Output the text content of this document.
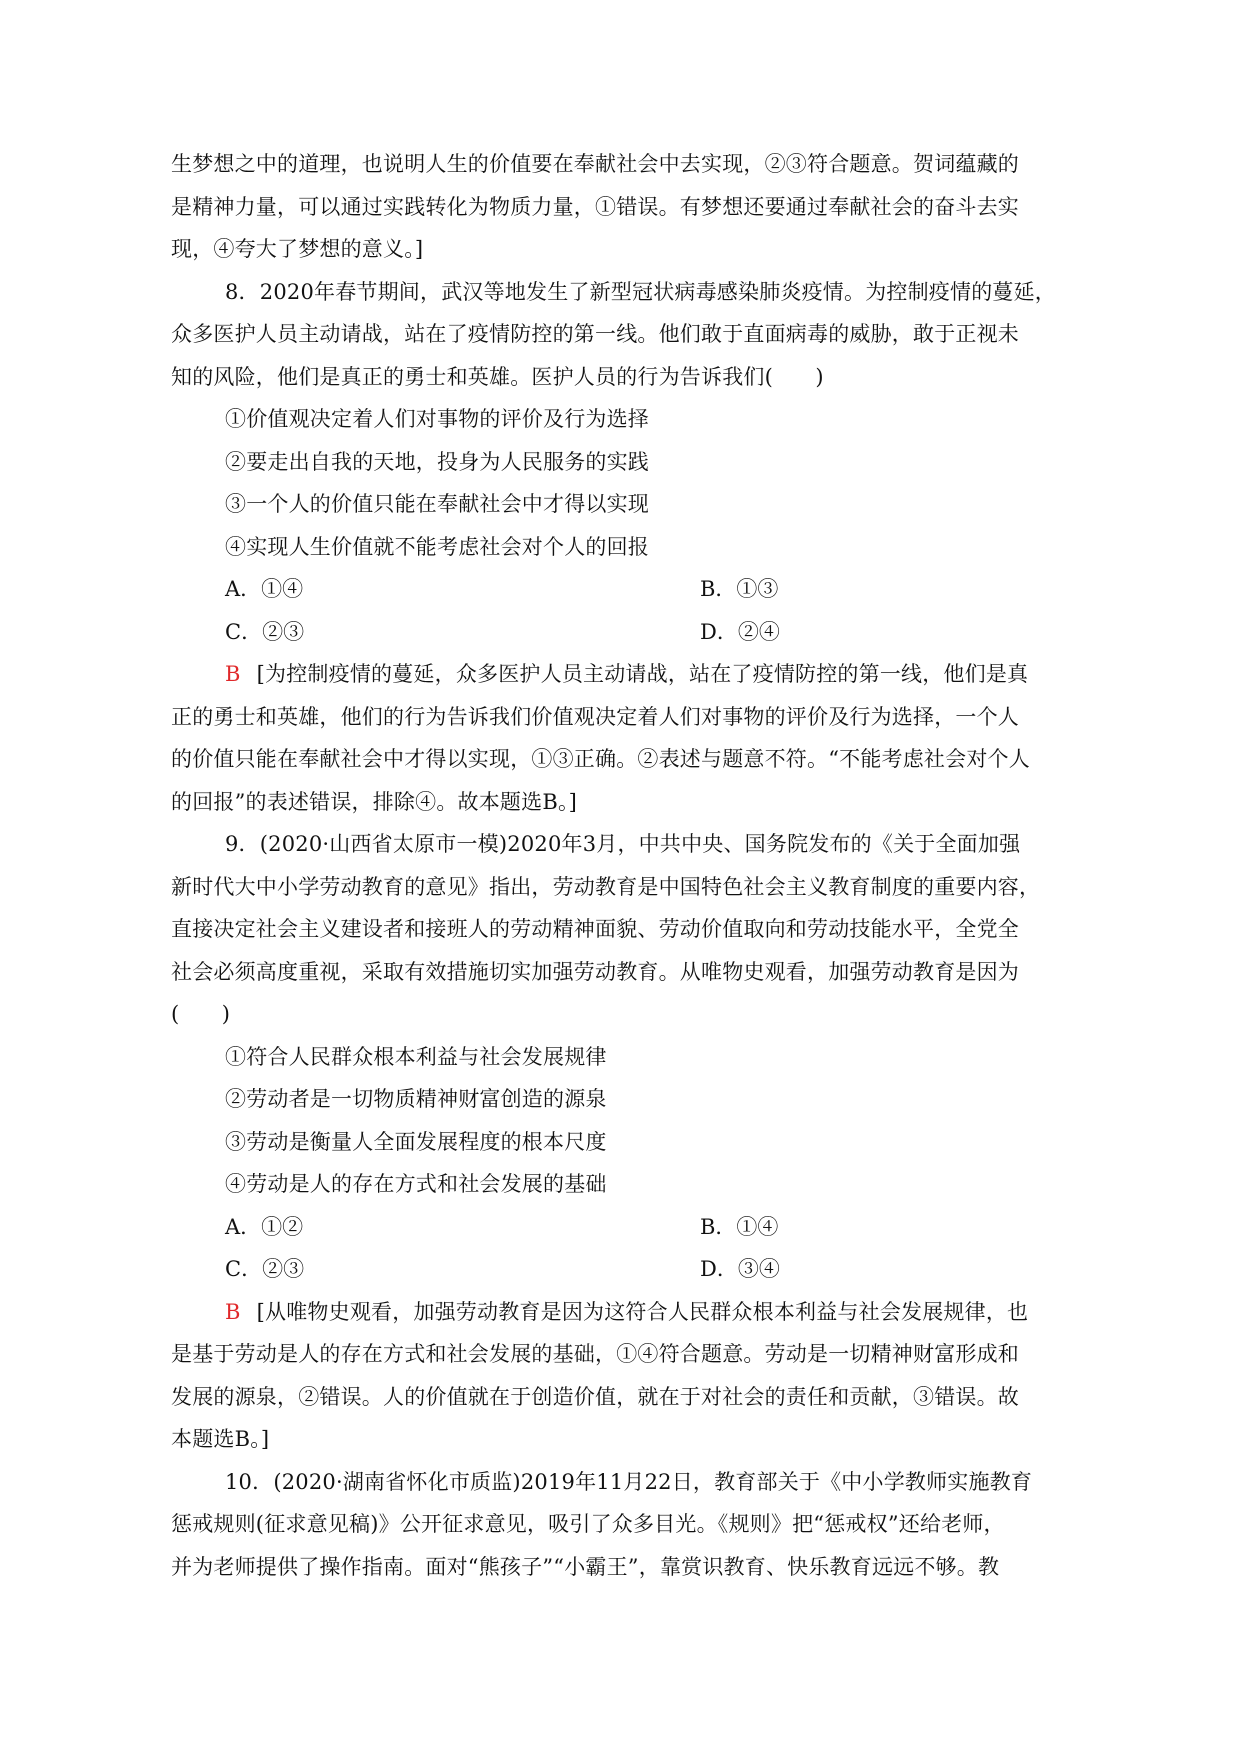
生梦想之中的道理，也说明人生的价值要在奉献社会中去实现，②③符合题意。贺词蕴藏的
是精神力量，可以通过实践转化为物质力量，①错误。有梦想还要通过奉献社会的奋斗去实
现，④夸大了梦想的意义。]
8．2020年春节期间，武汉等地发生了新型冠状病毒感染肺炎疫情。为控制疫情的蔓延，
众多医护人员主动请战，站在了疫情防控的第一线。他们敢于直面病毒的威胁，敢于正视未
知的风险，他们是真正的勇士和英雄。医护人员的行为告诉我们(　　)
①价值观决定着人们对事物的评价及行为选择
②要走出自我的天地，投身为人民服务的实践
③一个人的价值只能在奉献社会中才得以实现
④实现人生价值就不能考虑社会对个人的回报
A．①④	B．①③
C．②③	D．②④
B [为控制疫情的蔓延，众多医护人员主动请战，站在了疫情防控的第一线，他们是真
正的勇士和英雄，他们的行为告诉我们价值观决定着人们对事物的评价及行为选择，一个人
的价值只能在奉献社会中才得以实现，①③正确。②表述与题意不符。“不能考虑社会对个人
的回报”的表述错误，排除④。故本题选B。]
9．(2020·山西省太原市一模)2020年3月，中共中央、国务院发布的《关于全面加强
新时代大中小学劳动教育的意见》指出，劳动教育是中国特色社会主义教育制度的重要内容，
直接决定社会主义建设者和接班人的劳动精神面貌、劳动价值取向和劳动技能水平，全党全
社会必须高度重视，采取有效措施切实加强劳动教育。从唯物史观看，加强劳动教育是因为
(　　)
①符合人民群众根本利益与社会发展规律
②劳动者是一切物质精神财富创造的源泉
③劳动是衡量人全面发展程度的根本尺度
④劳动是人的存在方式和社会发展的基础
A．①②	B．①④
C．②③	D．③④
B [从唯物史观看，加强劳动教育是因为这符合人民群众根本利益与社会发展规律，也
是基于劳动是人的存在方式和社会发展的基础，①④符合题意。劳动是一切精神财富形成和
发展的源泉，②错误。人的价值就在于创造价值，就在于对社会的责任和贡献，③错误。故
本题选B。]
10．(2020·湖南省怀化市质监)2019年11月22日，教育部关于《中小学教师实施教育
惩戒规则(征求意见稿)》公开征求意见，吸引了众多目光。《规则》把“惩戒权”还给老师，
并为老师提供了操作指南。面对“熊孩子”“小霸王”，靠赏识教育、快乐教育远远不够。教
